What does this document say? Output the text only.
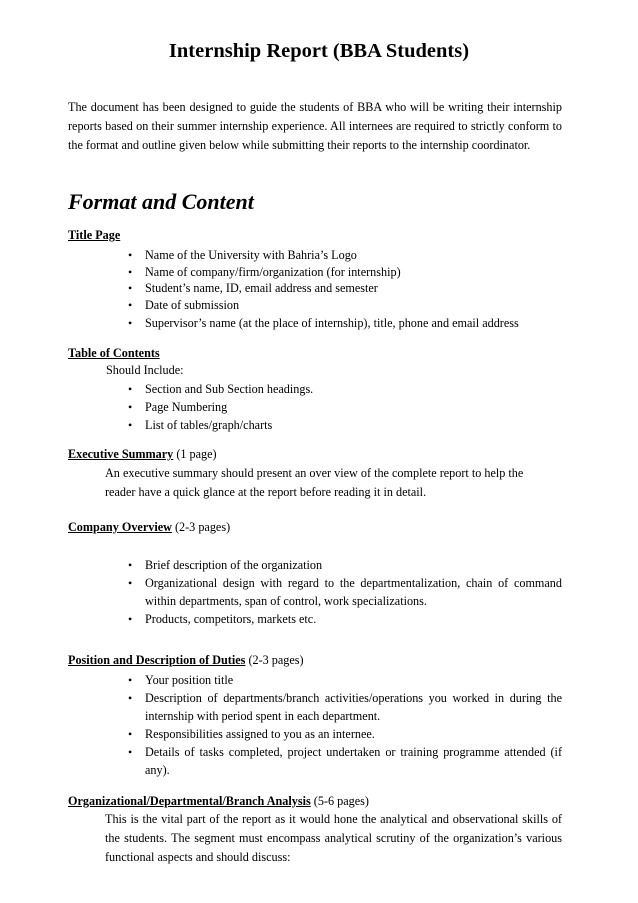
Internship Report (BBA Students)
The document has been designed to guide the students of BBA who will be writing their internship reports based on their summer internship experience. All internees are required to strictly conform to the format and outline given below while submitting their reports to the internship coordinator.
Format and Content
Title Page
• Name of the University with Bahria’s Logo
• Name of company/firm/organization (for internship)
• Student’s name, ID, email address and semester
• Date of submission
• Supervisor’s name (at the place of internship), title, phone and email address
Table of Contents
Should Include:
• Section and Sub Section headings.
• Page Numbering
• List of tables/graph/charts
Executive Summary (1 page)
An executive summary should present an over view of the complete report to help the reader have a quick glance at the report before reading it in detail.
Company Overview (2-3 pages)
• Brief description of the organization
• Organizational design with regard to the departmentalization, chain of command within departments, span of control, work specializations.
• Products, competitors, markets etc.
Position and Description of Duties (2-3 pages)
• Your position title
• Description of departments/branch activities/operations you worked in during the internship with period spent in each department.
• Responsibilities assigned to you as an internee.
• Details of tasks completed, project undertaken or training programme attended (if any).
Organizational/Departmental/Branch Analysis (5-6 pages)
This is the vital part of the report as it would hone the analytical and observational skills of the students. The segment must encompass analytical scrutiny of the organization’s various functional aspects and should discuss:
